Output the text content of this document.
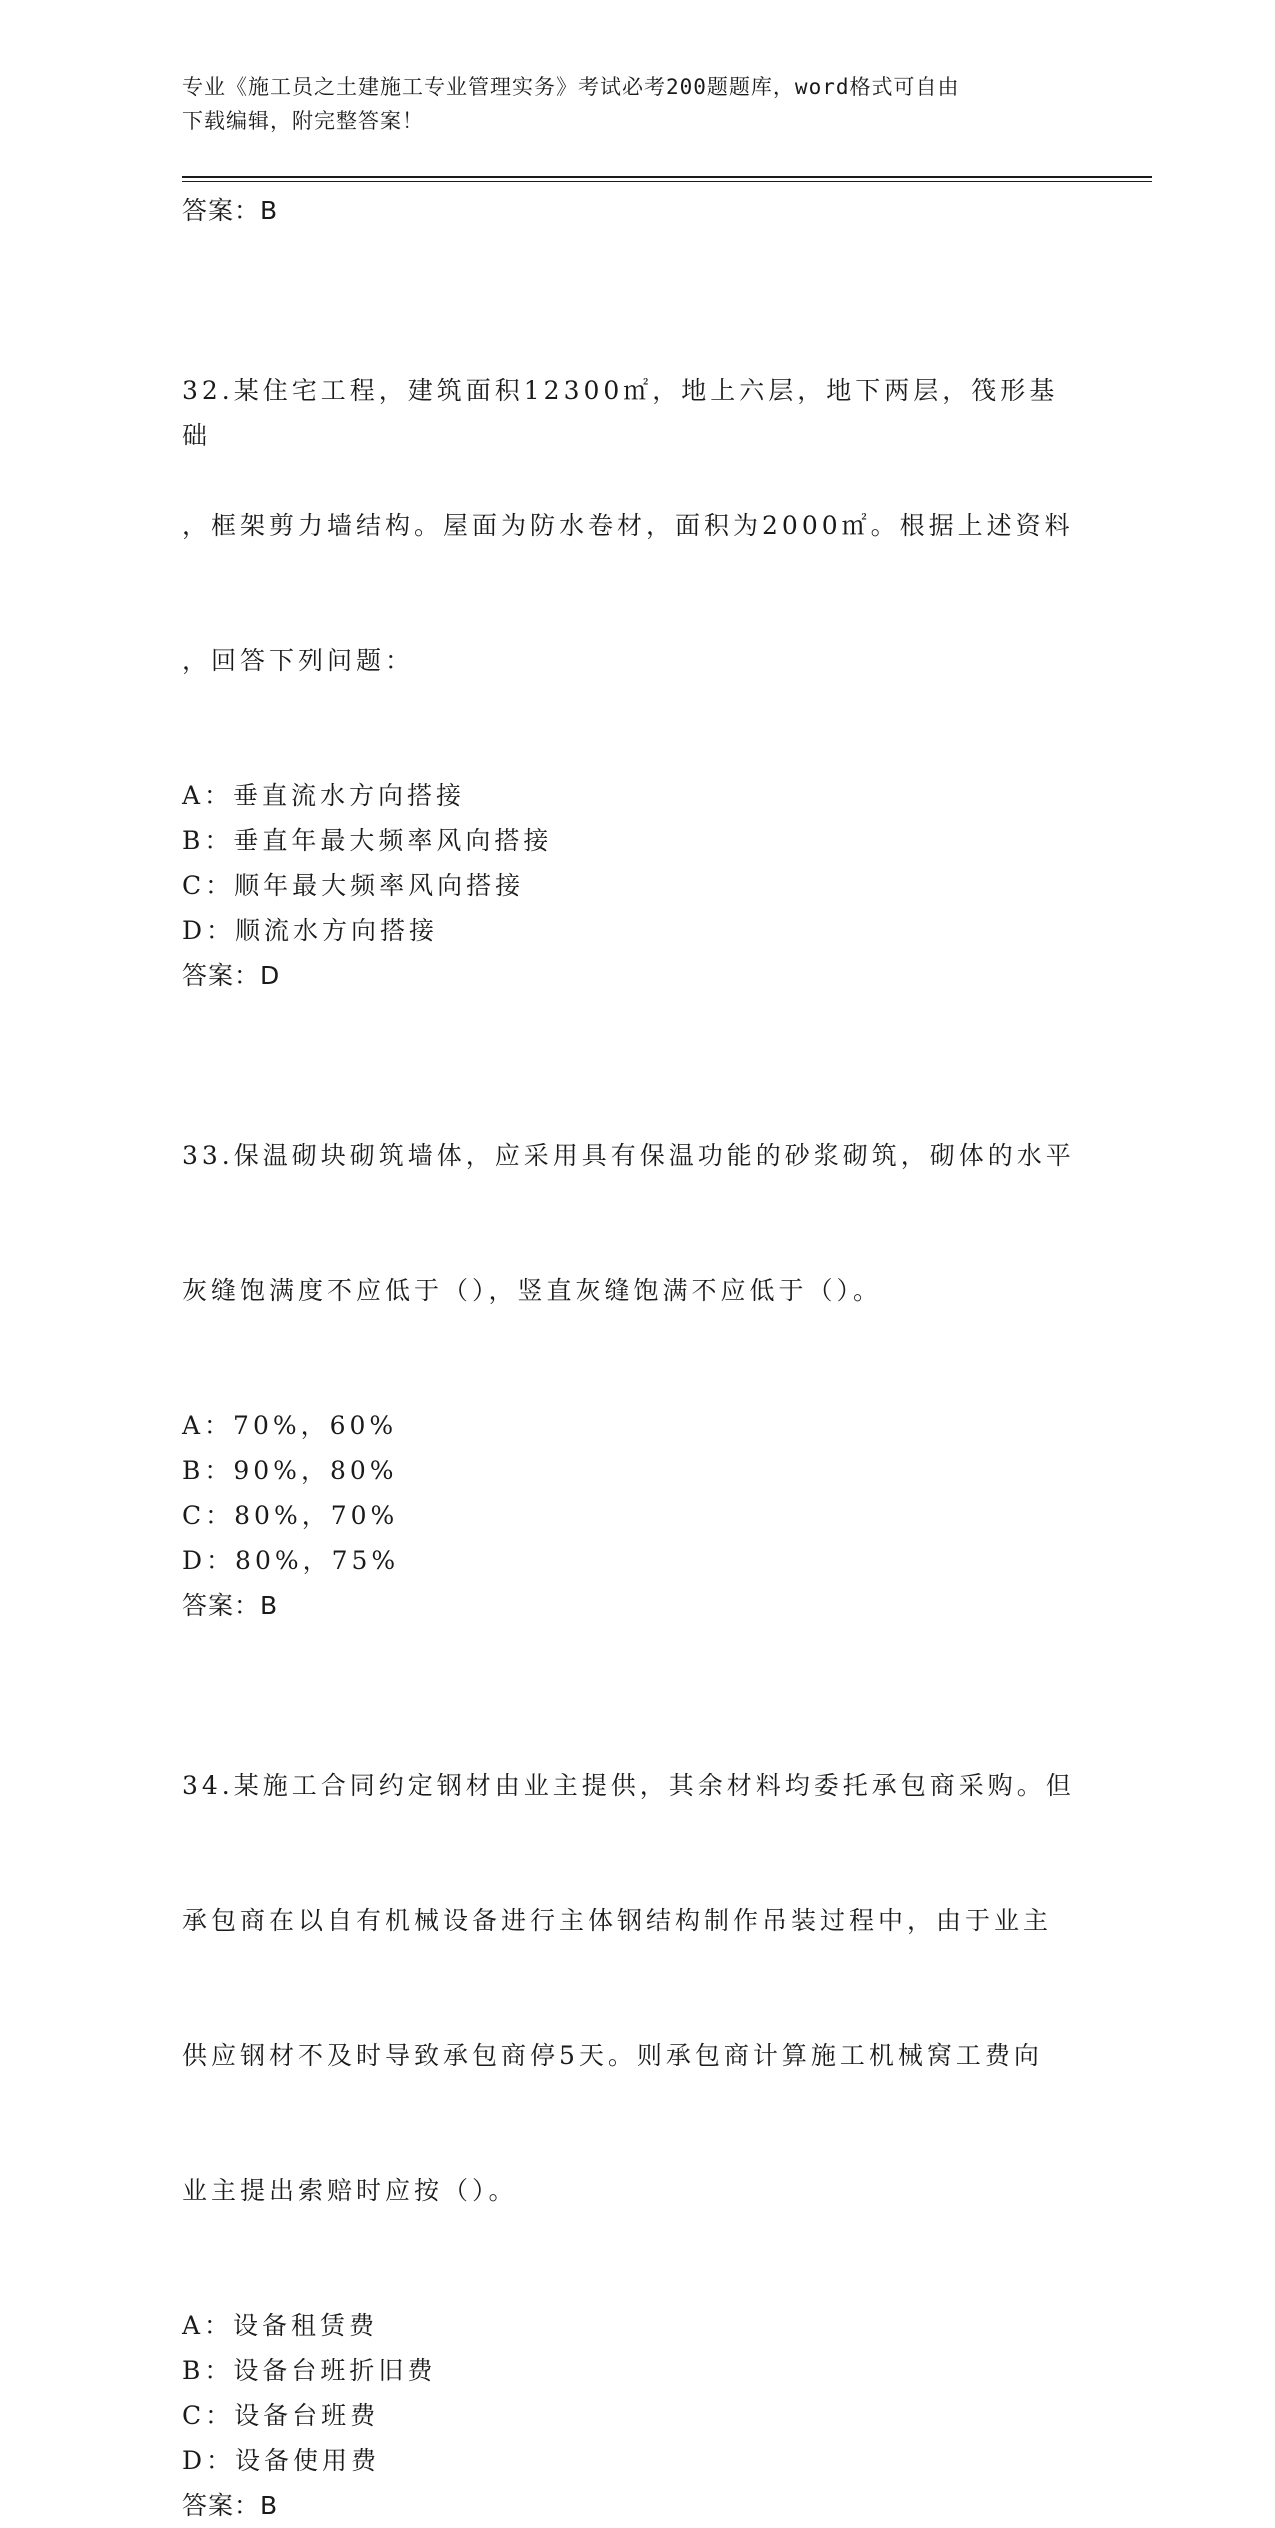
专业《施工员之土建施工专业管理实务》考试必考200题题库，word格式可自由
下载编辑，附完整答案！
答案：B

32.某住宅工程，建筑面积12300㎡，地上六层，地下两层，筏形基础

，框架剪力墙结构。屋面为防水卷材，面积为2000㎡。根据上述资料

，回答下列问题：

A：垂直流水方向搭接
B：垂直年最大频率风向搭接
C：顺年最大频率风向搭接
D：顺流水方向搭接
答案：D

33.保温砌块砌筑墙体，应采用具有保温功能的砂浆砌筑，砌体的水平

灰缝饱满度不应低于（），竖直灰缝饱满不应低于（）。

A：70%，60%
B：90%，80%
C：80%，70%
D：80%，75%
答案：B

34.某施工合同约定钢材由业主提供，其余材料均委托承包商采购。但

承包商在以自有机械设备进行主体钢结构制作吊装过程中，由于业主

供应钢材不及时导致承包商停5天。则承包商计算施工机械窝工费向

业主提出索赔时应按（）。

A：设备租赁费
B：设备台班折旧费
C：设备台班费
D：设备使用费
答案：B
